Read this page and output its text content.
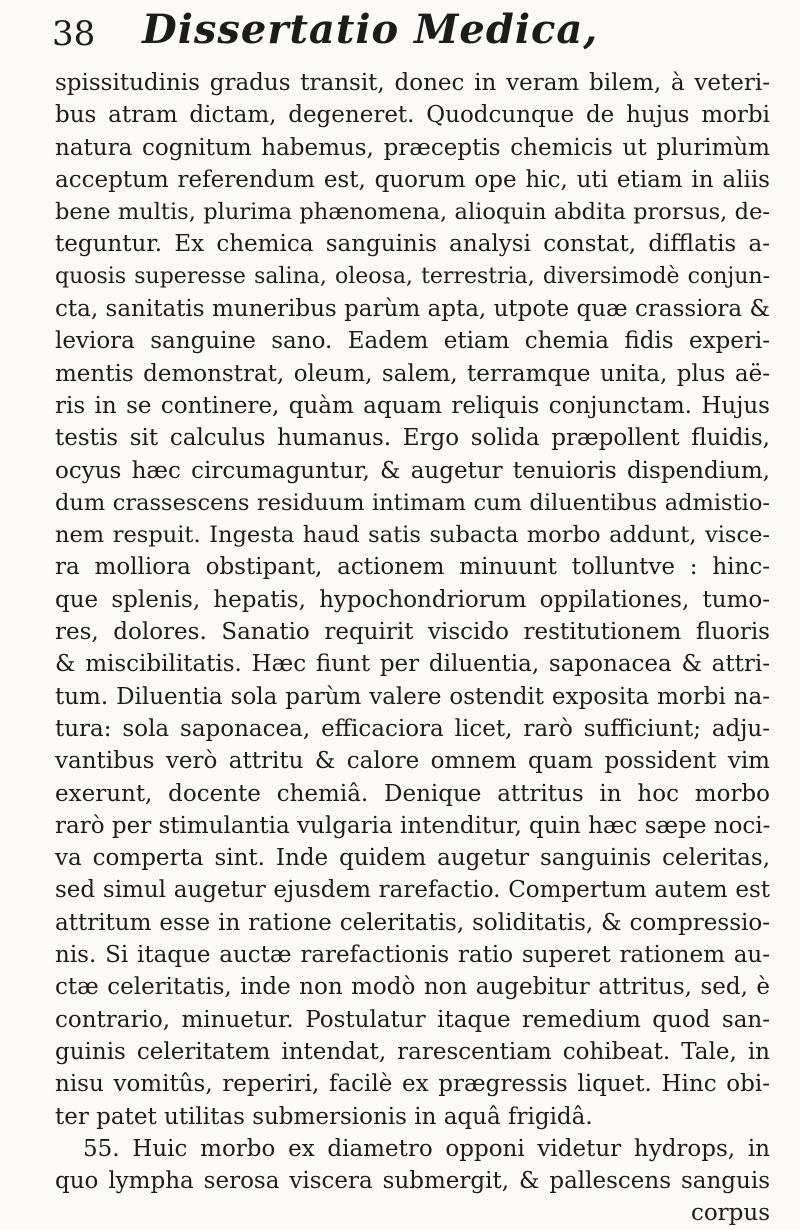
38 Dissertatio Medica,
spissitudinis gradus transit, donec in veram bilem, à veteri-
bus atram dictam, degeneret. Quodcunque de hujus morbi
natura cognitum habemus, præceptis chemicis ut plurimùm
acceptum referendum est, quorum ope hic, uti etiam in aliis
bene multis, plurima phænomena, alioquin abdita prorsus, de-
teguntur. Ex chemica sanguinis analysi constat, difflatis a-
quosis superesse salina, oleosa, terrestria, diversimodè conjun-
cta, sanitatis muneribus parùm apta, utpote quæ crassiora &
leviora sanguine sano. Eadem etiam chemia fidis experi-
mentis demonstrat, oleum, salem, terramque unita, plus aë-
ris in se continere, quàm aquam reliquis conjunctam. Hujus
testis sit calculus humanus. Ergo solida præpollent fluidis,
ocyus hæc circumaguntur, & augetur tenuioris dispendium,
dum crassescens residuum intimam cum diluentibus admistio-
nem respuit. Ingesta haud satis subacta morbo addunt, visce-
ra molliora obstipant, actionem minuunt tolluntve : hinc-
que splenis, hepatis, hypochondriorum oppilationes, tumo-
res, dolores. Sanatio requirit viscido restitutionem fluoris
& miscibilitatis. Hæc fiunt per diluentia, saponacea & attri-
tum. Diluentia sola parùm valere ostendit exposita morbi na-
tura: sola saponacea, efficaciora licet, rarò sufficiunt; adju-
vantibus verò attritu & calore omnem quam possident vim
exerunt, docente chemiâ. Denique attritus in hoc morbo
rarò per stimulantia vulgaria intenditur, quin hæc sæpe noci-
va comperta sint. Inde quidem augetur sanguinis celeritas,
sed simul augetur ejusdem rarefactio. Compertum autem est
attritum esse in ratione celeritatis, soliditatis, & compressio-
nis. Si itaque auctæ rarefactionis ratio superet rationem au-
ctæ celeritatis, inde non modò non augebitur attritus, sed, è
contrario, minuetur. Postulatur itaque remedium quod san-
guinis celeritatem intendat, rarescentiam cohibeat. Tale, in
nisu vomitûs, reperiri, facilè ex prægressis liquet. Hinc obi-
ter patet utilitas submersionis in aquâ frigidâ.
55. Huic morbo ex diametro opponi videtur hydrops, in
quo lympha serosa viscera submergit, & pallescens sanguis
corpus
